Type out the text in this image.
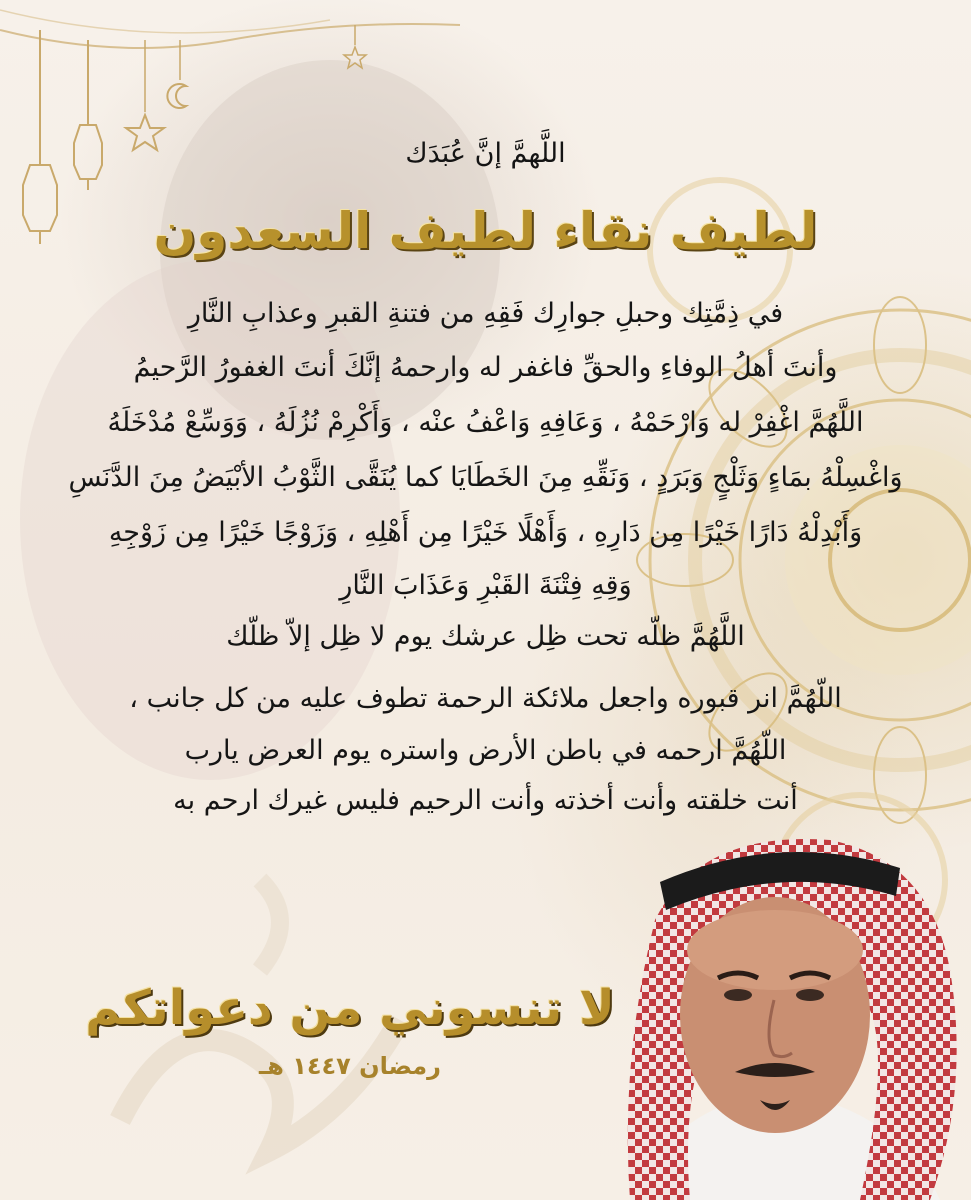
اللَّهمَّ إنَّ عُبَدَك
لطيف نقاء لطيف السعدون
في ذِمَّتِك وحبلِ جوارِك فَقِهِ من فتنةِ القبرِ وعذابِ النَّارِ
وأنتَ أهلُ الوفاءِ والحقِّ فاغفر له وارحمهُ إنَّكَ أنتَ الغفورُ الرَّحيمُ
اللَّهُمَّ اغْفِرْ له وَارْحَمْهُ ، وَعَافِهِ وَاعْفُ عنْه ، وَأَكْرِمْ نُزُلَهُ ، وَوَسِّعْ مُدْخَلَهُ
وَاغْسِلْهُ بمَاءٍ وَثَلْجٍ وَبَرَدٍ ، وَنَقِّهِ مِنَ الخَطَايَا كما يُنَقَّى الثَّوْبُ الأبْيَضُ مِنَ الدَّنَسِ
وَأَبْدِلْهُ دَارًا خَيْرًا مِن دَارِهِ ، وَأَهْلًا خَيْرًا مِن أَهْلِهِ ، وَزَوْجًا خَيْرًا مِن زَوْجِهِ
وَقِهِ فِتْنَةَ القَبْرِ وَعَذَابَ النَّارِ
اللَّهُمَّ ظلّه تحت ظِل عرشك يوم لا ظِل إلاّ ظلّك
اللّهُمَّ انر قبوره واجعل ملائكة الرحمة تطوف عليه من كل جانب ،
اللّهُمَّ ارحمه في باطن الأرض واستره يوم العرض يارب
أنت خلقته وأنت أخذته وأنت الرحيم فليس غيرك ارحم به
لا تنسوني من دعواتكم
رمضان ١٤٤٧ هـ
